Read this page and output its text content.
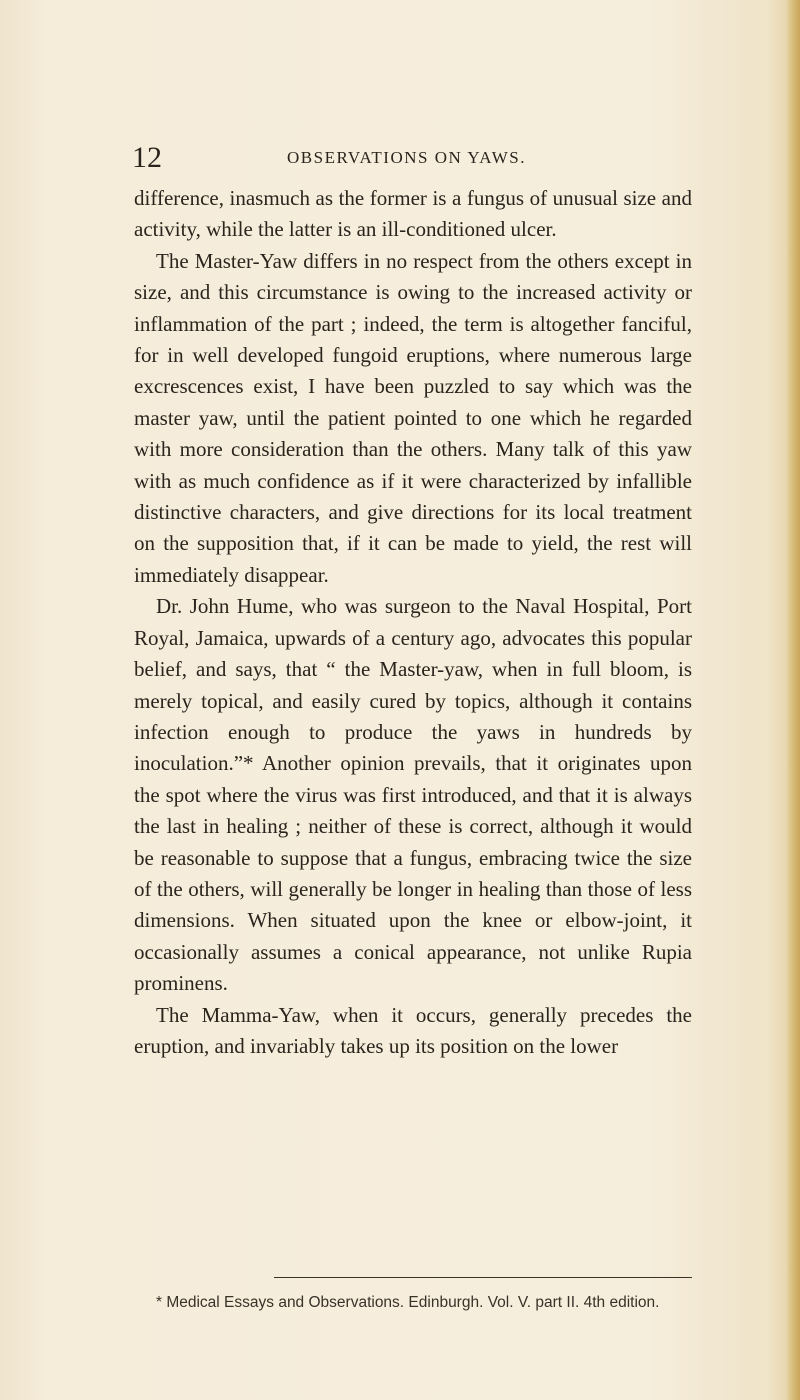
12	OBSERVATIONS ON YAWS.

difference, inasmuch as the former is a fungus of unusual size and activity, while the latter is an ill-conditioned ulcer.

The Master-Yaw differs in no respect from the others except in size, and this circumstance is owing to the increased activity or inflammation of the part ; indeed, the term is altogether fanciful, for in well developed fungoid eruptions, where numerous large excrescences exist, I have been puzzled to say which was the master yaw, until the patient pointed to one which he regarded with more consideration than the others. Many talk of this yaw with as much confidence as if it were characterized by infallible distinctive characters, and give directions for its local treatment on the supposition that, if it can be made to yield, the rest will immediately disappear.

Dr. John Hume, who was surgeon to the Naval Hospital, Port Royal, Jamaica, upwards of a century ago, advocates this popular belief, and says, that “ the Master-yaw, when in full bloom, is merely topical, and easily cured by topics, although it contains infection enough to produce the yaws in hundreds by inoculation.”* Another opinion prevails, that it originates upon the spot where the virus was first introduced, and that it is always the last in healing ; neither of these is correct, although it would be reasonable to suppose that a fungus, embracing twice the size of the others, will generally be longer in healing than those of less dimensions. When situated upon the knee or elbow-joint, it occasionally assumes a conical appearance, not unlike Rupia prominens.

The Mamma-Yaw, when it occurs, generally precedes the eruption, and invariably takes up its position on the lower

* Medical Essays and Observations. Edinburgh. Vol. V. part II. 4th edition.
